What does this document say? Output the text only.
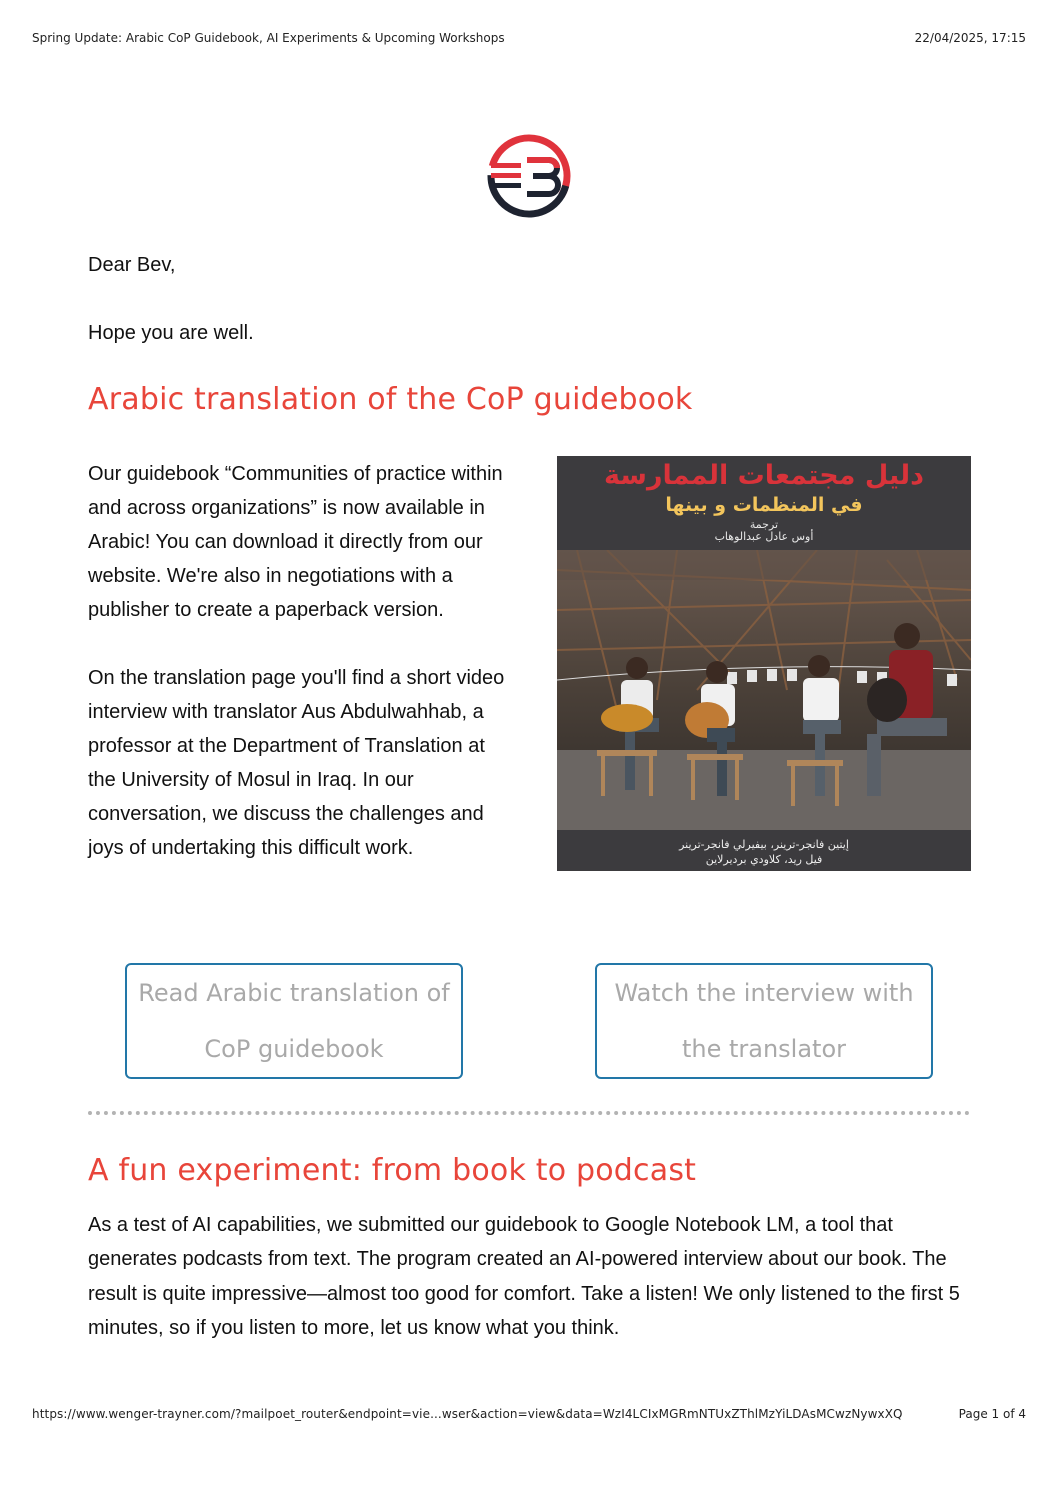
Spring Update: Arabic CoP Guidebook, AI Experiments & Upcoming Workshops	22/04/2025, 17:15
Dear Bev,
Hope you are well.
Arabic translation of the CoP guidebook

Our guidebook “Communities of practice within and across organizations” is now available in Arabic! You can download it directly from our website. We're also in negotiations with a publisher to create a paperback version.

On the translation page you'll find a short video interview with translator Aus Abdulwahhab, a professor at the Department of Translation at the University of Mosul in Iraq. In our conversation, we discuss the challenges and joys of undertaking this difficult work.

دليل مجتمعات الممارسة
في المنظمات و بينها
ترجمة
أوس عادل عبدالوهاب
إيتين فانجر-ترينر، بيفيرلي فانجر-ترينر
فيل ريد، كلاودي برديرلاين
Read Arabic translation of CoP guidebook
Watch the interview with the translator
A fun experiment: from book to podcast

As a test of AI capabilities, we submitted our guidebook to Google Notebook LM, a tool that generates podcasts from text. The program created an AI-powered interview about our book. The result is quite impressive—almost too good for comfort. Take a listen! We only listened to the first 5 minutes, so if you listen to more, let us know what you think.

https://www.wenger-trayner.com/?mailpoet_router&endpoint=vie...wser&action=view&data=WzI4LCIxMGRmNTUxZThlMzYiLDAsMCwzNywxXQ	Page 1 of 4
